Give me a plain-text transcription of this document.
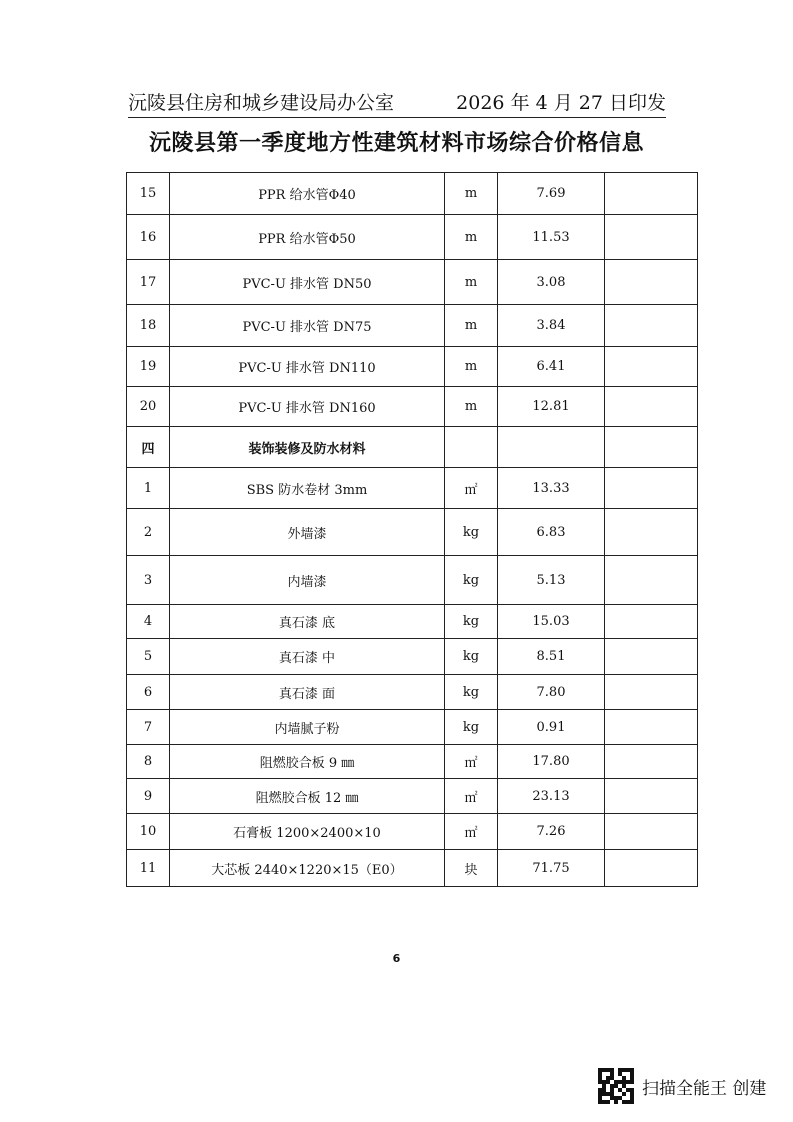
沅陵县住房和城乡建设局办公室	2026 年 4 月 27 日印发
沅陵县第一季度地方性建筑材料市场综合价格信息
15	PPR 给水管Φ40	m	7.69	
16	PPR 给水管Φ50	m	11.53	
17	PVC-U 排水管 DN50	m	3.08	
18	PVC-U 排水管 DN75	m	3.84	
19	PVC-U 排水管 DN110	m	6.41	
20	PVC-U 排水管 DN160	m	12.81	
四	装饰装修及防水材料			
1	SBS 防水卷材 3mm	㎡	13.33	
2	外墙漆	kg	6.83	
3	内墙漆	kg	5.13	
4	真石漆 底	kg	15.03	
5	真石漆 中	kg	8.51	
6	真石漆 面	kg	7.80	
7	内墙腻子粉	kg	0.91	
8	阻燃胶合板 9 ㎜	㎡	17.80	
9	阻燃胶合板 12 ㎜	㎡	23.13	
10	石膏板 1200×2400×10	㎡	7.26	
11	大芯板 2440×1220×15（E0）	块	71.75	
6
扫描全能王 创建
